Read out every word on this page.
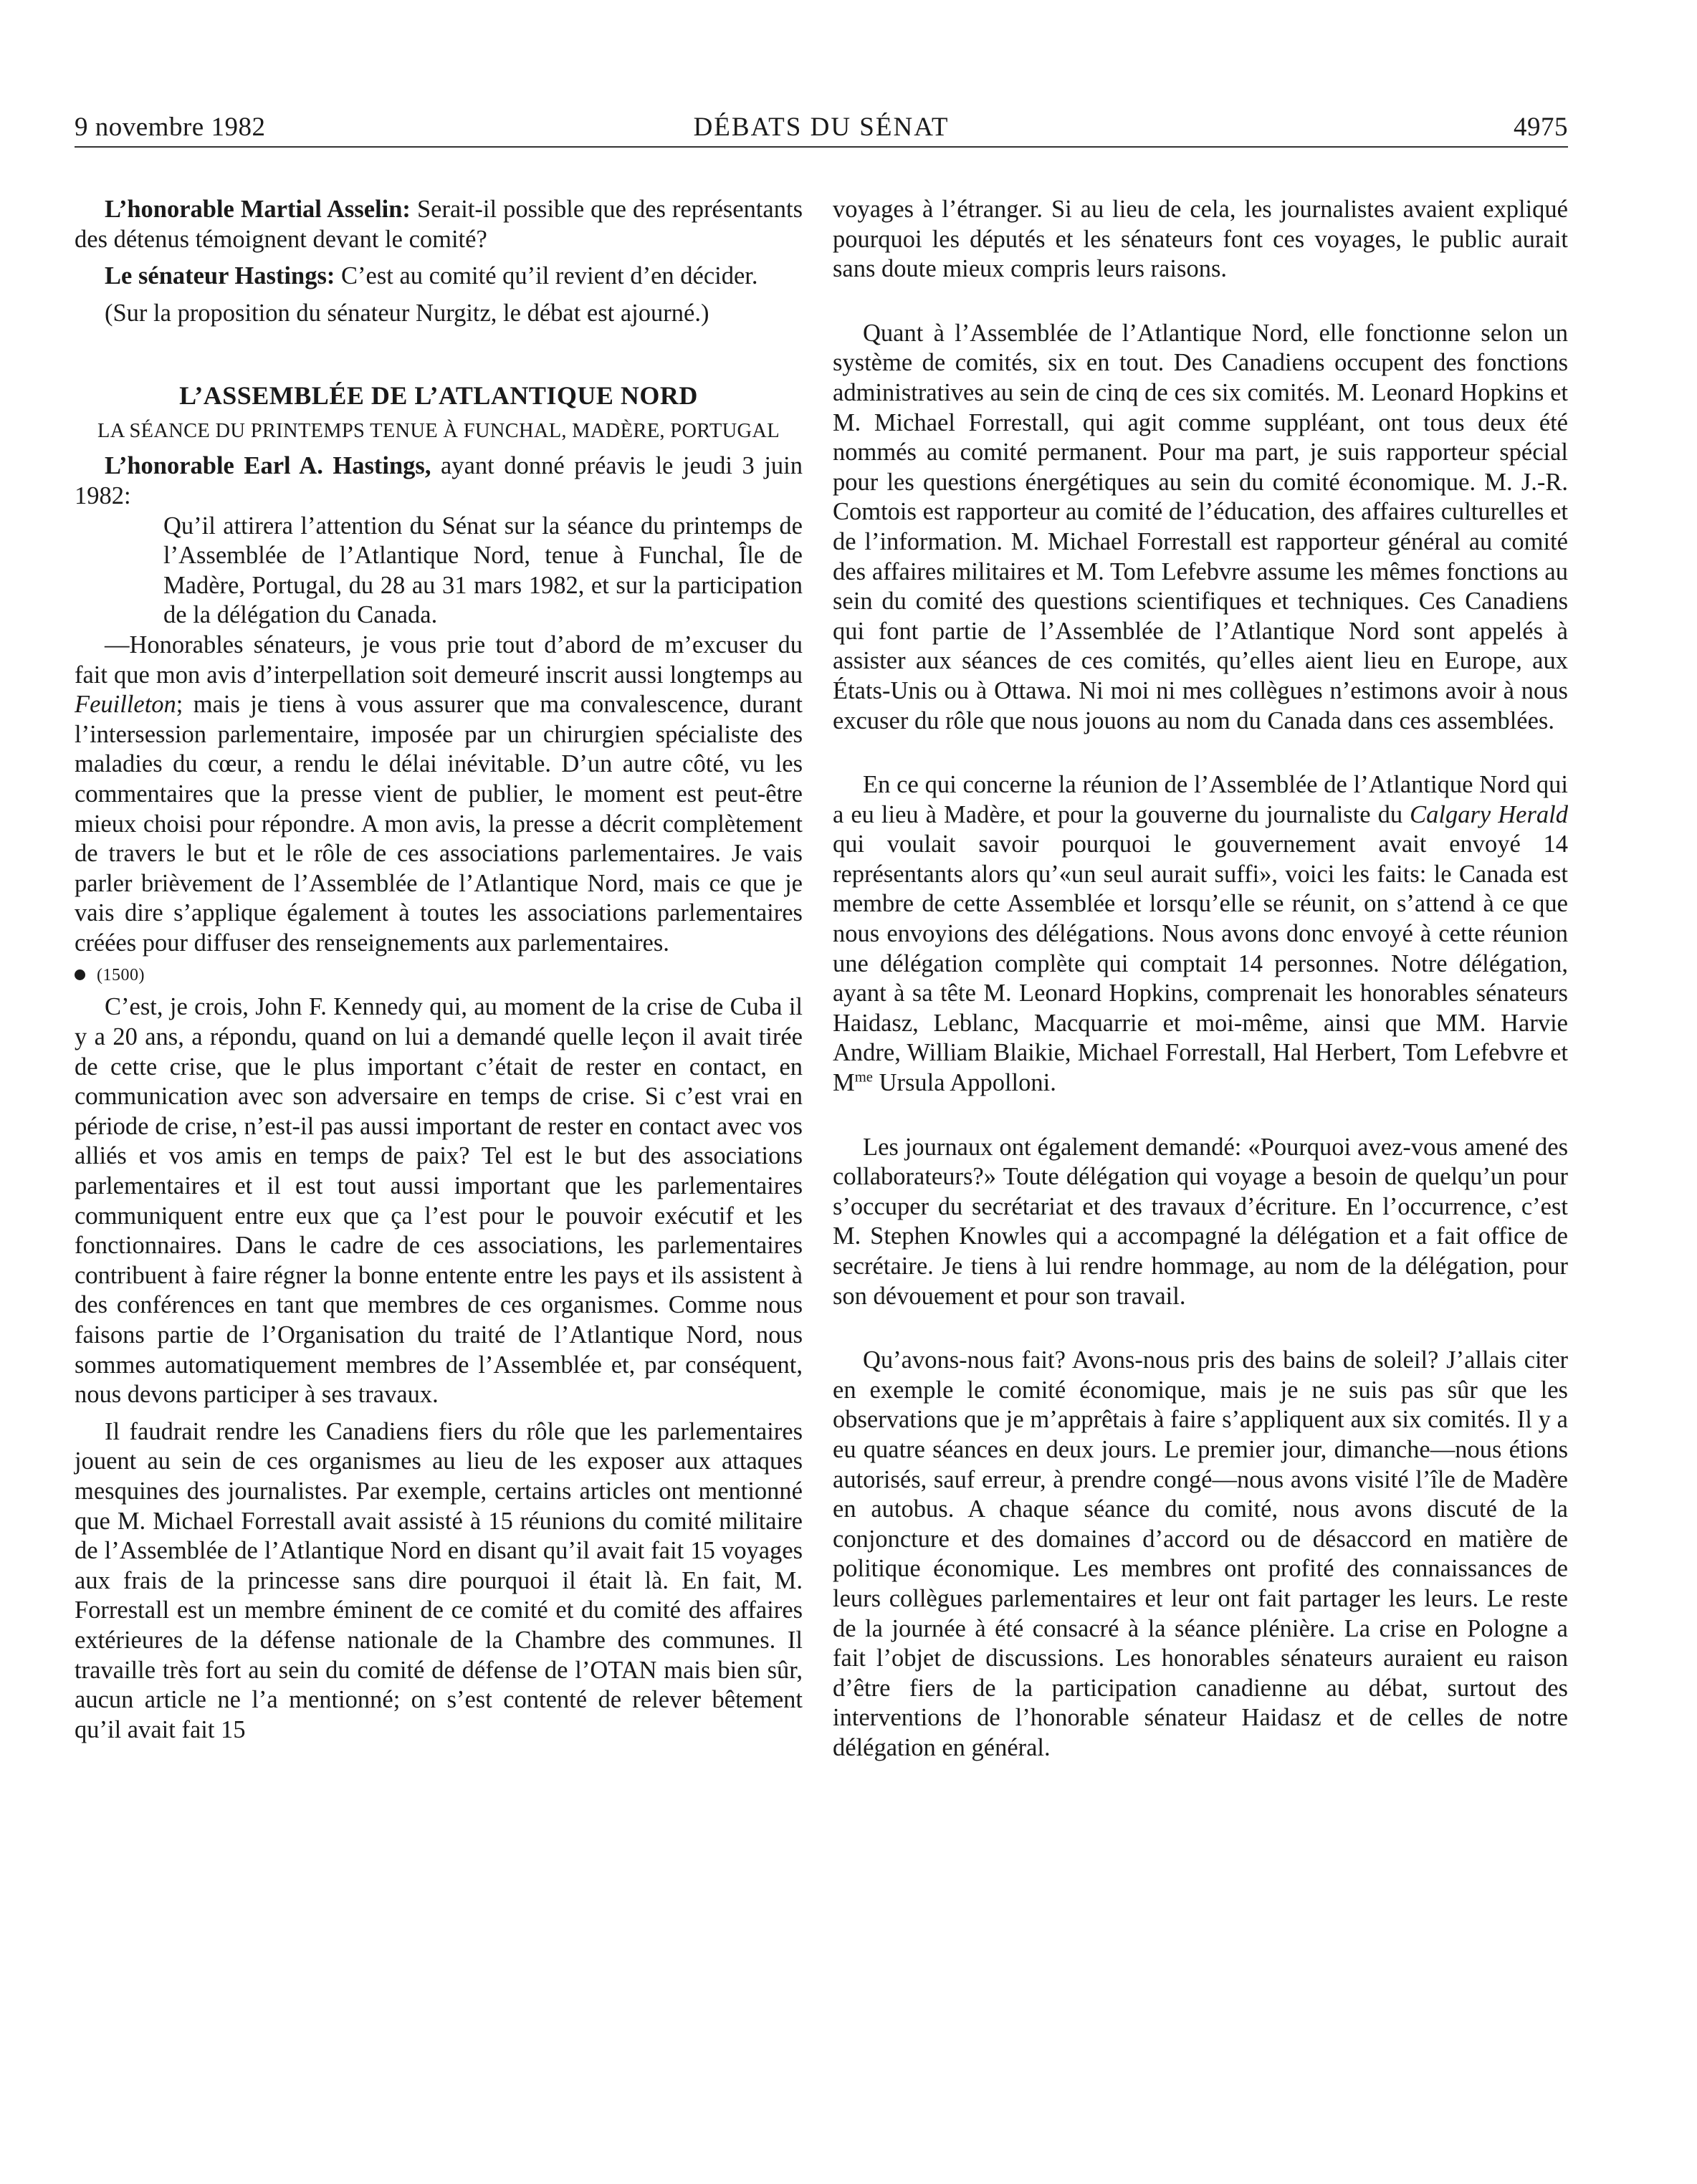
9 novembre 1982	DÉBATS DU SÉNAT	4975

L’honorable Martial Asselin: Serait-il possible que des représentants des détenus témoignent devant le comité?

Le sénateur Hastings: C’est au comité qu’il revient d’en décider.

(Sur la proposition du sénateur Nurgitz, le débat est ajourné.)

L’ASSEMBLÉE DE L’ATLANTIQUE NORD

LA SÉANCE DU PRINTEMPS TENUE À FUNCHAL, MADÈRE, PORTUGAL

L’honorable Earl A. Hastings, ayant donné préavis le jeudi 3 juin 1982:

Qu’il attirera l’attention du Sénat sur la séance du printemps de l’Assemblée de l’Atlantique Nord, tenue à Funchal, Île de Madère, Portugal, du 28 au 31 mars 1982, et sur la participation de la délégation du Canada.

—Honorables sénateurs, je vous prie tout d’abord de m’excuser du fait que mon avis d’interpellation soit demeuré inscrit aussi longtemps au Feuilleton; mais je tiens à vous assurer que ma convalescence, durant l’intersession parlementaire, imposée par un chirurgien spécialiste des maladies du cœur, a rendu le délai inévitable. D’un autre côté, vu les commentaires que la presse vient de publier, le moment est peut-être mieux choisi pour répondre. A mon avis, la presse a décrit complètement de travers le but et le rôle de ces associations parlementaires. Je vais parler brièvement de l’Assemblée de l’Atlantique Nord, mais ce que je vais dire s’applique également à toutes les associations parlementaires créées pour diffuser des renseignements aux parlementaires.

(1500)

C’est, je crois, John F. Kennedy qui, au moment de la crise de Cuba il y a 20 ans, a répondu, quand on lui a demandé quelle leçon il avait tirée de cette crise, que le plus important c’était de rester en contact, en communication avec son adversaire en temps de crise. Si c’est vrai en période de crise, n’est-il pas aussi important de rester en contact avec vos alliés et vos amis en temps de paix? Tel est le but des associations parlementaires et il est tout aussi important que les parlementaires communiquent entre eux que ça l’est pour le pouvoir exécutif et les fonctionnaires. Dans le cadre de ces associations, les parlementaires contribuent à faire régner la bonne entente entre les pays et ils assistent à des conférences en tant que membres de ces organismes. Comme nous faisons partie de l’Organisation du traité de l’Atlantique Nord, nous sommes automatiquement membres de l’Assemblée et, par conséquent, nous devons participer à ses travaux.

Il faudrait rendre les Canadiens fiers du rôle que les parlementaires jouent au sein de ces organismes au lieu de les exposer aux attaques mesquines des journalistes. Par exemple, certains articles ont mentionné que M. Michael Forrestall avait assisté à 15 réunions du comité militaire de l’Assemblée de l’Atlantique Nord en disant qu’il avait fait 15 voyages aux frais de la princesse sans dire pourquoi il était là. En fait, M. Forrestall est un membre éminent de ce comité et du comité des affaires extérieures de la défense nationale de la Chambre des communes. Il travaille très fort au sein du comité de défense de l’OTAN mais bien sûr, aucun article ne l’a mentionné; on s’est contenté de relever bêtement qu’il avait fait 15

voyages à l’étranger. Si au lieu de cela, les journalistes avaient expliqué pourquoi les députés et les sénateurs font ces voyages, le public aurait sans doute mieux compris leurs raisons.

Quant à l’Assemblée de l’Atlantique Nord, elle fonctionne selon un système de comités, six en tout. Des Canadiens occupent des fonctions administratives au sein de cinq de ces six comités. M. Leonard Hopkins et M. Michael Forrestall, qui agit comme suppléant, ont tous deux été nommés au comité permanent. Pour ma part, je suis rapporteur spécial pour les questions énergétiques au sein du comité économique. M. J.-R. Comtois est rapporteur au comité de l’éducation, des affaires culturelles et de l’information. M. Michael Forrestall est rapporteur général au comité des affaires militaires et M. Tom Lefebvre assume les mêmes fonctions au sein du comité des questions scientifiques et techniques. Ces Canadiens qui font partie de l’Assemblée de l’Atlantique Nord sont appelés à assister aux séances de ces comités, qu’elles aient lieu en Europe, aux États-Unis ou à Ottawa. Ni moi ni mes collègues n’estimons avoir à nous excuser du rôle que nous jouons au nom du Canada dans ces assemblées.

En ce qui concerne la réunion de l’Assemblée de l’Atlantique Nord qui a eu lieu à Madère, et pour la gouverne du journaliste du Calgary Herald qui voulait savoir pourquoi le gouvernement avait envoyé 14 représentants alors qu’«un seul aurait suffi», voici les faits: le Canada est membre de cette Assemblée et lorsqu’elle se réunit, on s’attend à ce que nous envoyions des délégations. Nous avons donc envoyé à cette réunion une délégation complète qui comptait 14 personnes. Notre délégation, ayant à sa tête M. Leonard Hopkins, comprenait les honorables sénateurs Haidasz, Leblanc, Macquarrie et moi-même, ainsi que MM. Harvie Andre, William Blaikie, Michael Forrestall, Hal Herbert, Tom Lefebvre et $M^{me}$ Ursula Appolloni.

Les journaux ont également demandé: «Pourquoi avez-vous amené des collaborateurs?» Toute délégation qui voyage a besoin de quelqu’un pour s’occuper du secrétariat et des travaux d’écriture. En l’occurrence, c’est M. Stephen Knowles qui a accompagné la délégation et a fait office de secrétaire. Je tiens à lui rendre hommage, au nom de la délégation, pour son dévouement et pour son travail.

Qu’avons-nous fait? Avons-nous pris des bains de soleil? J’allais citer en exemple le comité économique, mais je ne suis pas sûr que les observations que je m’apprêtais à faire s’appliquent aux six comités. Il y a eu quatre séances en deux jours. Le premier jour, dimanche—nous étions autorisés, sauf erreur, à prendre congé—nous avons visité l’île de Madère en autobus. A chaque séance du comité, nous avons discuté de la conjoncture et des domaines d’accord ou de désaccord en matière de politique économique. Les membres ont profité des connaissances de leurs collègues parlementaires et leur ont fait partager les leurs. Le reste de la journée à été consacré à la séance plénière. La crise en Pologne a fait l’objet de discussions. Les honorables sénateurs auraient eu raison d’être fiers de la participation canadienne au débat, surtout des interventions de l’honorable sénateur Haidasz et de celles de notre délégation en général.
